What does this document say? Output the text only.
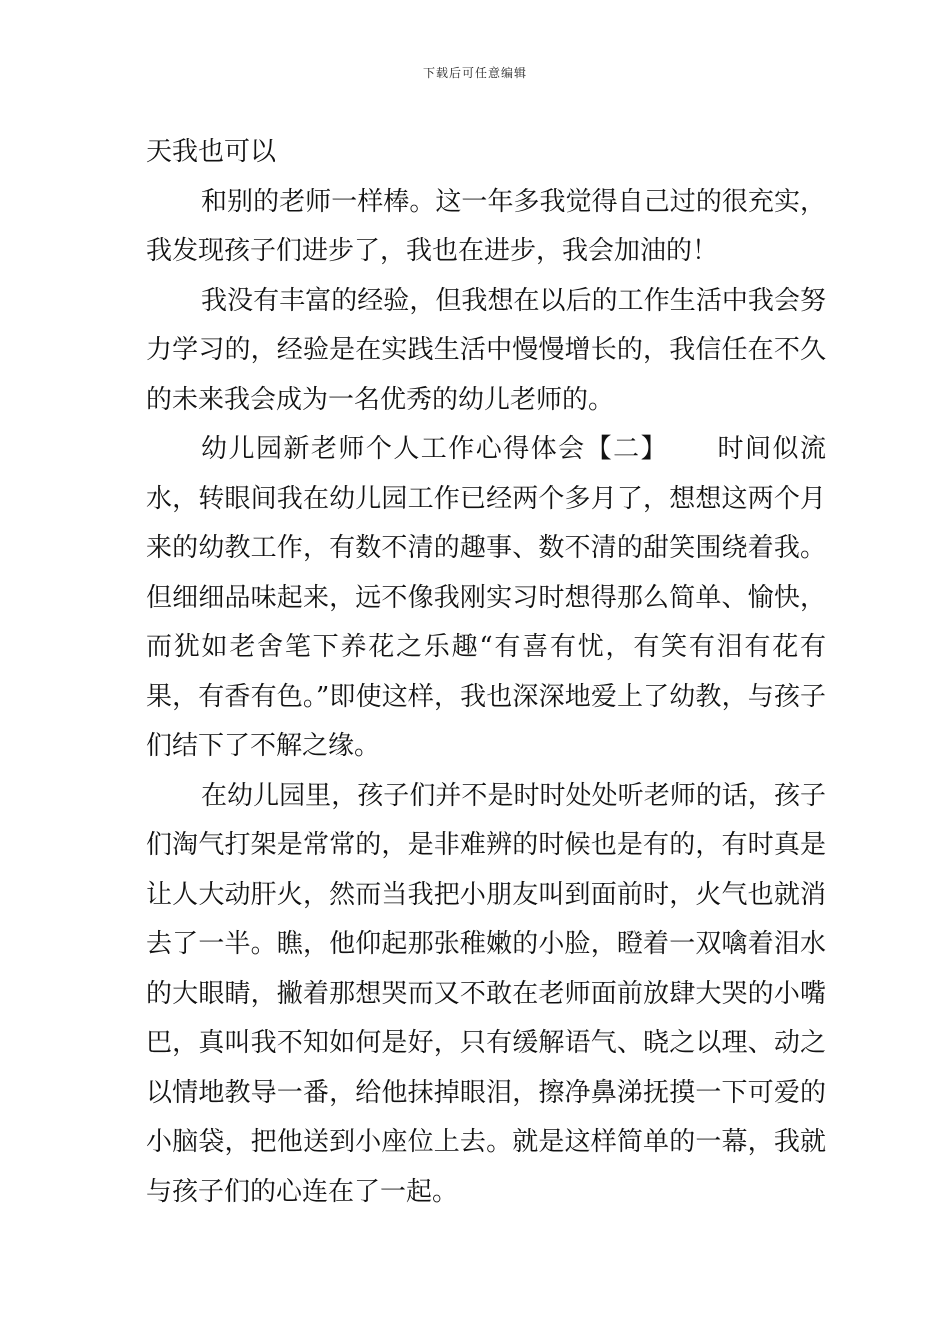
下载后可任意编辑

天我也可以

和别的老师一样棒。这一年多我觉得自己过的很充实，我发现孩子们进步了，我也在进步，我会加油的！

我没有丰富的经验，但我想在以后的工作生活中我会努力学习的，经验是在实践生活中慢慢增长的，我信任在不久的未来我会成为一名优秀的幼儿老师的。

幼儿园新老师个人工作心得体会【二】 时间似流水，转眼间我在幼儿园工作已经两个多月了，想想这两个月来的幼教工作，有数不清的趣事、数不清的甜笑围绕着我。但细细品味起来，远不像我刚实习时想得那么简单、愉快，而犹如老舍笔下养花之乐趣“有喜有忧，有笑有泪有花有果，有香有色。”即使这样，我也深深地爱上了幼教，与孩子们结下了不解之缘。

在幼儿园里，孩子们并不是时时处处听老师的话，孩子们淘气打架是常常的，是非难辨的时候也是有的，有时真是让人大动肝火，然而当我把小朋友叫到面前时，火气也就消去了一半。瞧，他仰起那张稚嫩的小脸，瞪着一双噙着泪水的大眼睛，撇着那想哭而又不敢在老师面前放肆大哭的小嘴巴，真叫我不知如何是好，只有缓解语气、晓之以理、动之以情地教导一番，给他抹掉眼泪，擦净鼻涕抚摸一下可爱的小脑袋，把他送到小座位上去。就是这样简单的一幕，我就与孩子们的心连在了一起。
